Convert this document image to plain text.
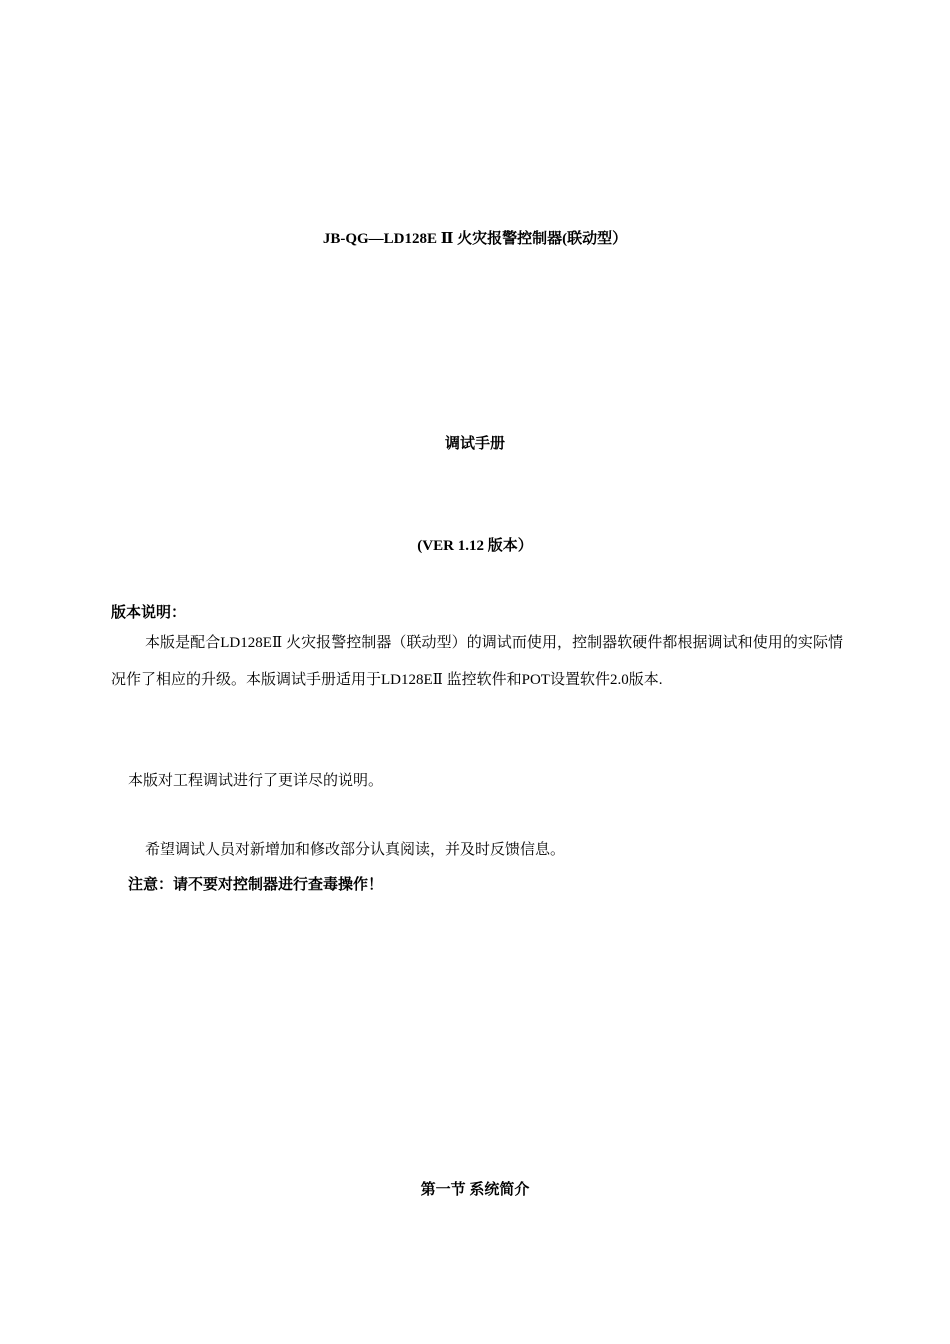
JB-QG—LD128E Ⅱ 火灾报警控制器(联动型）

调试手册

(VER 1.12 版本）

版本说明：

本版是配合LD128EⅡ 火灾报警控制器（联动型）的调试而使用，控制器软硬件都根据调试和使用的实际情况作了相应的升级。本版调试手册适用于LD128EⅡ 监控软件和POT设置软件2.0版本.

本版对工程调试进行了更详尽的说明。

希望调试人员对新增加和修改部分认真阅读，并及时反馈信息。

注意：请不要对控制器进行查毒操作！

第一节 系统简介
